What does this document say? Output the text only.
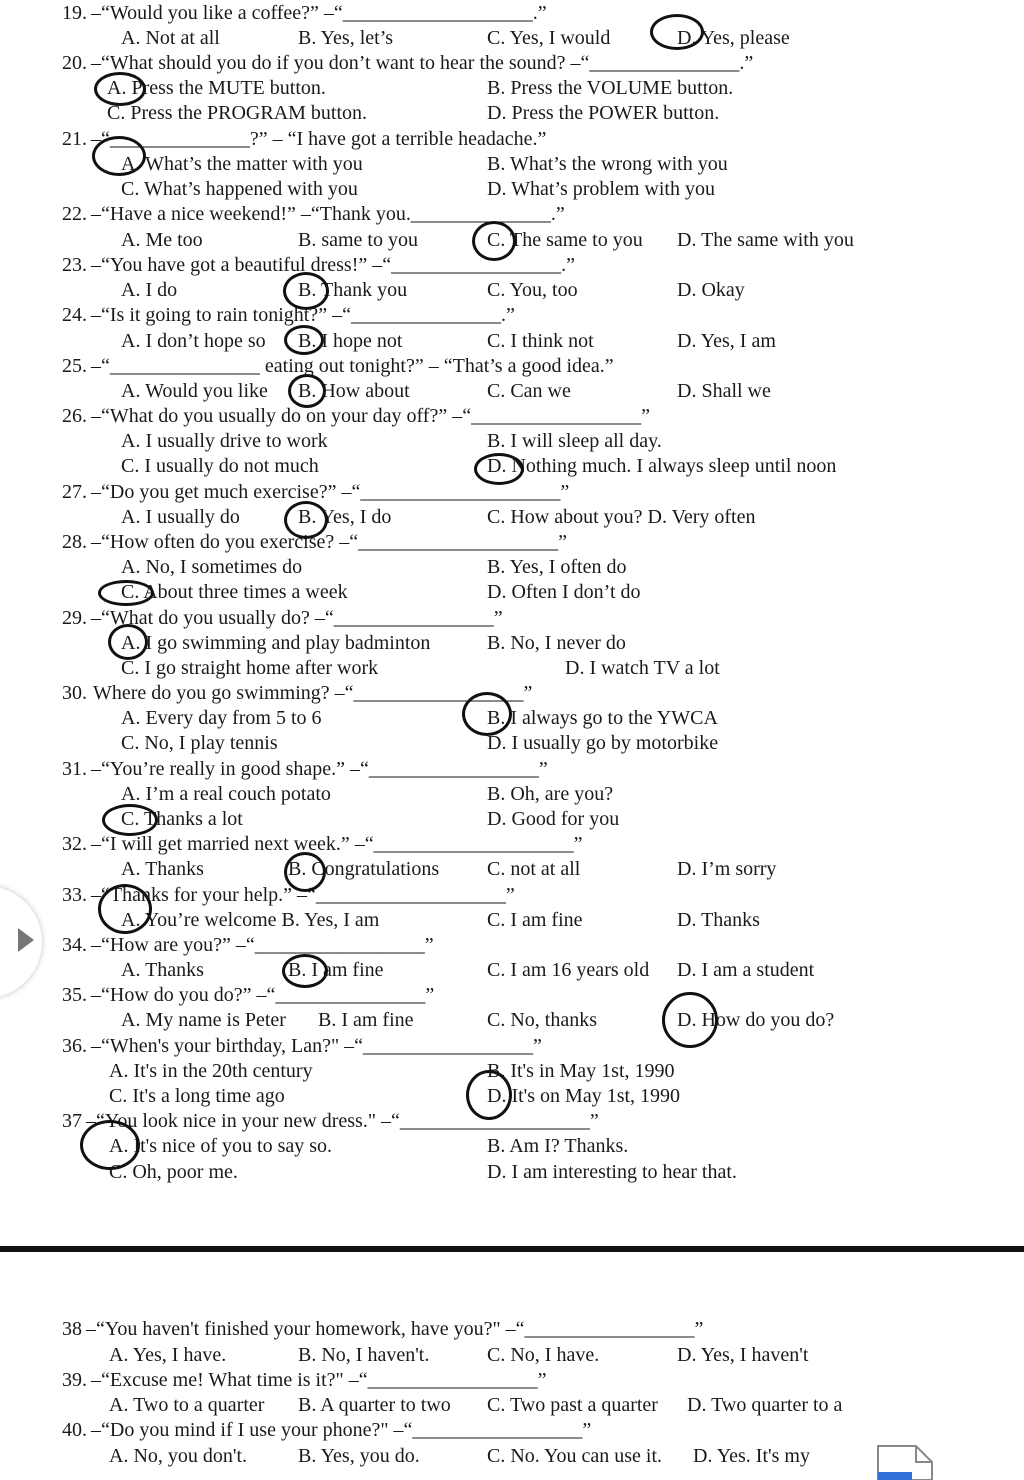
19. –“Would you like a coffee?” –“___________________.”
A. Not at all	B. Yes, let’s	C. Yes, I would	D. Yes, please
20. –“What should you do if you don’t want to hear the sound? –“_______________.”
A. Press the MUTE button.	B. Press the VOLUME button.
C. Press the PROGRAM button.	D. Press the POWER button.
21. –“______________?” – “I have got a terrible headache.”
A. What’s the matter with you	B. What’s the wrong with you
C. What’s happened with you	D. What’s problem with you
22. –“Have a nice weekend!” –“Thank you.______________.”
A. Me too	B. same to you	C. The same to you D. The same with you
23. –“You have got a beautiful dress!” –“_________________.”
A. I do	B. Thank you	C. You, too	D. Okay
24. –“Is it going to rain tonight?” –“_______________.”
A. I don’t hope so B. I hope not	C. I think not	D. Yes, I am
25. –“_______________ eating out tonight?” – “That’s a good idea.”
A. Would you like B. How about	C. Can we	D. Shall we
26. –“What do you usually do on your day off?” –“_________________”
A. I usually drive to work	B. I will sleep all day.
C. I usually do not much	D. Nothing much. I always sleep until noon
27. –“Do you get much exercise?” –“____________________”
A. I usually do	B. Yes, I do	C. How about you? D. Very often
28. –“How often do you exercise? –“____________________”
A. No, I sometimes do	B. Yes, I often do
C. About three times a week	D. Often I don’t do
29. –“What do you usually do? –“________________”
A. I go swimming and play badminton	B. No, I never do
C. I go straight home after work	D. I watch TV a lot
30. Where do you go swimming? –“_________________”
A. Every day from 5 to 6	B. I always go to the YWCA
C. No, I play tennis	D. I usually go by motorbike
31. –“You’re really in good shape.” –“_________________”
A. I’m a real couch potato	B. Oh, are you?
C. Thanks a lot	D. Good for you
32. –“I will get married next week.” –“____________________”
A. Thanks	B. Congratulations C. not at all	D. I’m sorry
33. –“Thanks for your help.” –“___________________”
A. You’re welcome B. Yes, I am	C. I am fine	D. Thanks
34. –“How are you?” –“_________________”
A. Thanks	B. I am fine	C. I am 16 years old D. I am a student
35. –“How do you do?” –“_______________”
A. My name is Peter B. I am fine	C. No, thanks	D. How do you do?
36. –“When's your birthday, Lan?" –“_________________”
A. It's in the 20th century	B. It's in May 1st, 1990
C. It's a long time ago	D. It's on May 1st, 1990
37 –“You look nice in your new dress." –“___________________”
A. It's nice of you to say so.	B. Am I? Thanks.
C. Oh, poor me.	D. I am interesting to hear that.
38 –“You haven't finished your homework, have you?" –“_________________”
A. Yes, I have.	B. No, I haven't.	C. No, I have.	D. Yes, I haven't
39. –“Excuse me! What time is it?" –“_________________”
A. Two to a quarter B. A quarter to two C. Two past a quarter D. Two quarter to a
40. –“Do you mind if I use your phone?" –“_________________”
A. No, you don't.	B. Yes, you do.	C. No. You can use it. D. Yes. It's my
